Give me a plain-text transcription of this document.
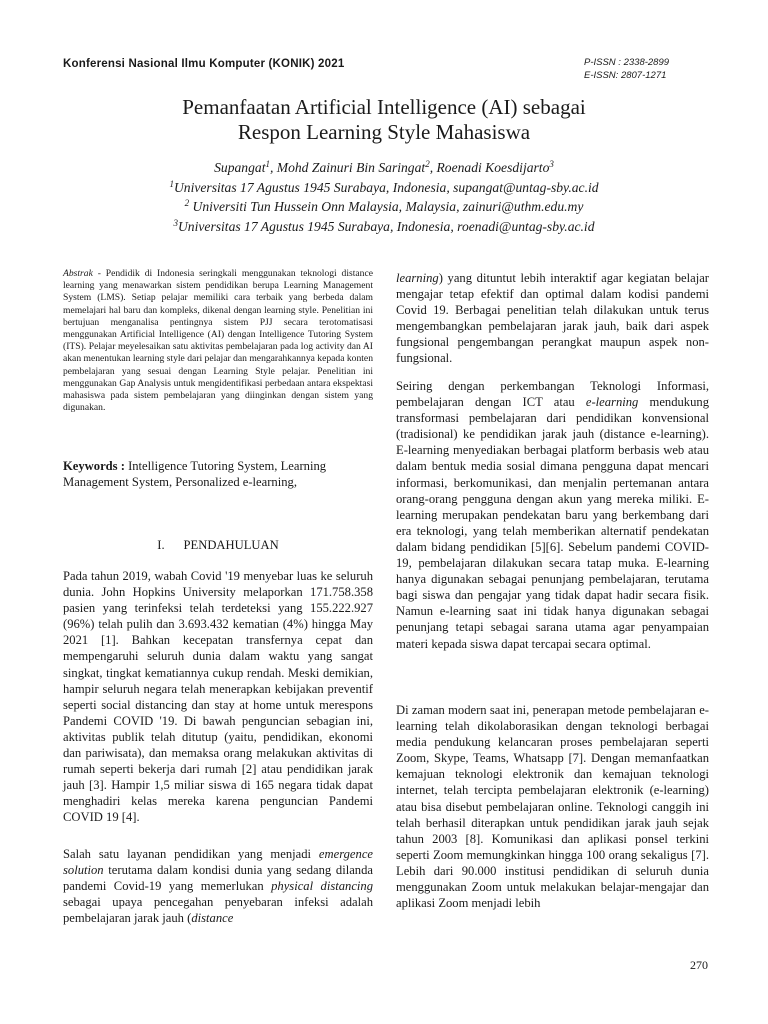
Konferensi Nasional Ilmu Komputer (KONIK) 2021	P-ISSN : 2338-2899
E-ISSN: 2807-1271
Pemanfaatan Artificial Intelligence (AI) sebagai
Respon Learning Style Mahasiswa
Supangat$^1$, Mohd Zainuri Bin Saringat$^2$, Roenadi Koesdijarto$^3$
$^1$Universitas 17 Agustus 1945 Surabaya, Indonesia, supangat@untag-sby.ac.id
$^2$ Universiti Tun Hussein Onn Malaysia, Malaysia, zainuri@uthm.edu.my
$^3$Universitas 17 Agustus 1945 Surabaya, Indonesia, roenadi@untag-sby.ac.id
Abstrak - Pendidik di Indonesia seringkali menggunakan teknologi distance learning yang menawarkan sistem pendidikan berupa Learning Management System (LMS). Setiap pelajar memiliki cara terbaik yang berbeda dalam memelajari hal baru dan kompleks, dikenal dengan learning style. Penelitian ini bertujuan menganalisa pentingnya sistem PJJ secara terotomatisasi menggunakan Artificial Intelligence (AI) dengan Intelligence Tutoring System (ITS). Pelajar meyelesaikan satu aktivitas pembelajaran pada log activity dan AI akan menentukan learning style dari pelajar dan mengarahkannya kepada konten pembelajaran yang sesuai dengan Learning Style pelajar. Penelitian ini menggunakan Gap Analysis untuk mengidentifikasi perbedaan antara ekspektasi mahasiswa pada sistem pembelajaran yang diinginkan dengan sistem yang digunakan.
Keywords : Intelligence Tutoring System, Learning Management System, Personalized e-learning,
I. PENDAHULUAN
Pada tahun 2019, wabah Covid '19 menyebar luas ke seluruh dunia. John Hopkins University melaporkan 171.758.358 pasien yang terinfeksi telah terdeteksi yang 155.222.927 (96%) telah pulih dan 3.693.432 kematian (4%) hingga May 2021 [1]. Bahkan kecepatan transfernya cepat dan mempengaruhi seluruh dunia dalam waktu yang sangat singkat, tingkat kematiannya cukup rendah. Meski demikian, hampir seluruh negara telah menerapkan kebijakan preventif seperti social distancing dan stay at home untuk merespons Pandemi COVID '19. Di bawah penguncian sebagian ini, aktivitas publik telah ditutup (yaitu, pendidikan, ekonomi dan pariwisata), dan memaksa orang melakukan aktivitas di rumah seperti bekerja dari rumah [2] atau pendidikan jarak jauh [3]. Hampir 1,5 miliar siswa di 165 negara tidak dapat menghadiri kelas mereka karena penguncian Pandemi COVID 19 [4].
Salah satu layanan pendidikan yang menjadi emergence solution terutama dalam kondisi dunia yang sedang dilanda pandemi Covid-19 yang memerlukan physical distancing sebagai upaya pencegahan penyebaran infeksi adalah pembelajaran jarak jauh (distance
learning) yang dituntut lebih interaktif agar kegiatan belajar mengajar tetap efektif dan optimal dalam kodisi pandemi Covid 19. Berbagai penelitian telah dilakukan untuk terus mengembangkan pembelajaran jarak jauh, baik dari aspek fungsional pengembangan perangkat maupun aspek non-fungsional.
Seiring dengan perkembangan Teknologi Informasi, pembelajaran dengan ICT atau e-learning mendukung transformasi pembelajaran dari pendidikan konvensional (tradisional) ke pendidikan jarak jauh (distance e-learning). E-learning menyediakan berbagai platform berbasis web atau dalam bentuk media sosial dimana pengguna dapat mencari informasi, berkomunikasi, dan menjalin pertemanan antara orang-orang pengguna dengan akun yang mereka miliki. E-learning merupakan pendekatan baru yang berkembang dari era teknologi, yang telah memberikan alternatif pendekatan dalam bidang pendidikan [5][6]. Sebelum pandemi COVID-19, pembelajaran dilakukan secara tatap muka. E-learning hanya digunakan sebagai penunjang pembelajaran, terutama bagi siswa dan pengajar yang tidak dapat hadir secara fisik. Namun e-learning saat ini tidak hanya digunakan sebagai penunjang tetapi sebagai sarana utama agar penyampaian materi kepada siswa dapat tercapai secara optimal.
Di zaman modern saat ini, penerapan metode pembelajaran e-learning telah dikolaborasikan dengan teknologi berbagai media pendukung kelancaran proses pembelajaran seperti Zoom, Skype, Teams, Whatsapp [7]. Dengan memanfaatkan kemajuan teknologi elektronik dan kemajuan teknologi internet, telah tercipta pembelajaran elektronik (e-learning) atau bisa disebut pembelajaran online. Teknologi canggih ini telah berhasil diterapkan untuk pendidikan jarak jauh sejak tahun 2003 [8]. Komunikasi dan aplikasi ponsel terkini seperti Zoom memungkinkan hingga 100 orang sekaligus [7]. Lebih dari 90.000 institusi pendidikan di seluruh dunia menggunakan Zoom untuk melakukan belajar-mengajar dan aplikasi Zoom menjadi lebih
270
